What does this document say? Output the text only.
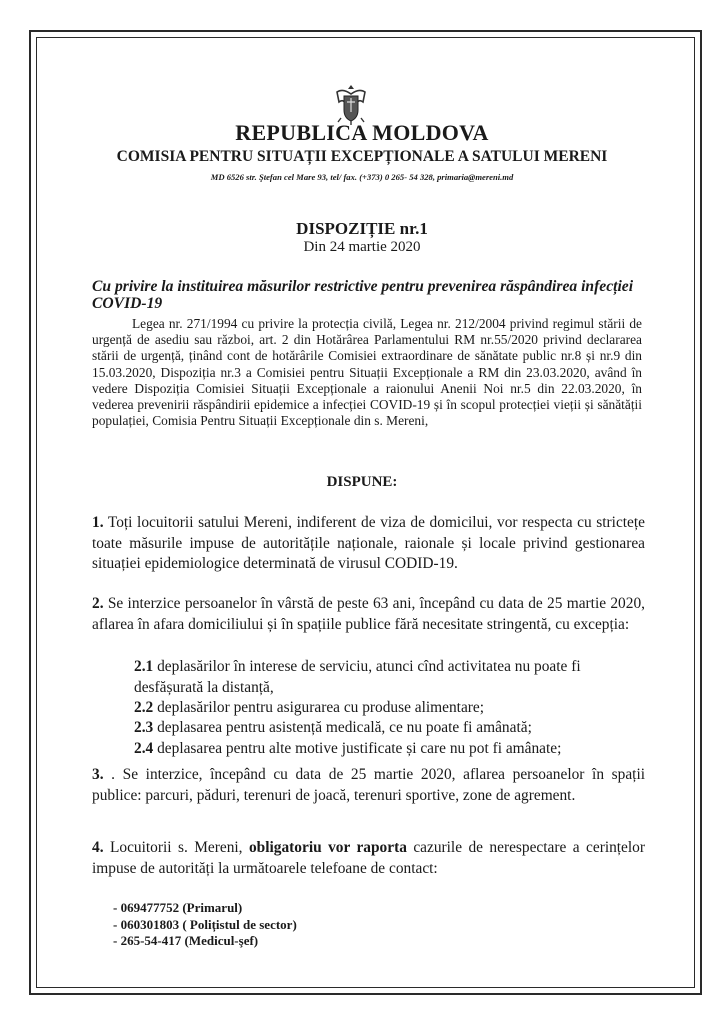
REPUBLICA MOLDOVA
COMISIA PENTRU SITUAȚII EXCEPȚIONALE A SATULUI MERENI
MD 6526 str. Ştefan cel Mare 93, tel/ fax. (+373) 0 265- 54 328, primaria@mereni.md
DISPOZIȚIE nr.1
Din 24 martie 2020
Cu privire la instituirea măsurilor restrictive pentru prevenirea răspândirea infecției COVID-19
Legea nr. 271/1994 cu privire la protecția civilă, Legea nr. 212/2004 privind regimul stării de urgență de asediu sau război, art. 2 din Hotărârea Parlamentului RM nr.55/2020 privind declararea stării de urgență, ținând cont de hotărârile Comisiei extraordinare de sănătate public nr.8 și nr.9 din 15.03.2020, Dispoziția nr.3 a Comisiei pentru Situații Excepționale a RM din 23.03.2020, având în vedere Dispoziția Comisiei Situații Excepționale a raionului Anenii Noi nr.5 din 22.03.2020, în vederea prevenirii răspândirii epidemice a infecției COVID-19 și în scopul protecției vieții și sănătății populației, Comisia Pentru Situații Excepționale din s. Mereni,
DISPUNE:
1. Toți locuitorii satului Mereni, indiferent de viza de domicilui, vor respecta cu strictețe toate măsurile impuse de autoritățile naționale, raionale și locale privind gestionarea situației epidemiologice determinată de virusul CODID-19.
2. Se interzice persoanelor în vârstă de peste 63 ani, începând cu data de 25 martie 2020, aflarea în afara domiciliului și în spațiile publice fără necesitate stringentă, cu excepția:
2.1 deplasărilor în interese de serviciu, atunci cînd activitatea nu poate fi desfășurată la distanță,
2.2 deplasărilor pentru asigurarea cu produse alimentare;
2.3 deplasarea pentru asistență medicală, ce nu poate fi amânată;
2.4 deplasarea pentru alte motive justificate și care nu pot fi amânate;
3. . Se interzice, începând cu data de 25 martie 2020, aflarea persoanelor în spații publice: parcuri, păduri, terenuri de joacă, terenuri sportive, zone de agrement.
4. Locuitorii s. Mereni, obligatoriu vor raporta cazurile de nerespectare a cerințelor impuse de autorități la următoarele telefoane de contact:
- 069477752 (Primarul)
- 060301803 ( Polițistul de sector)
- 265-54-417 (Medicul-şef)
